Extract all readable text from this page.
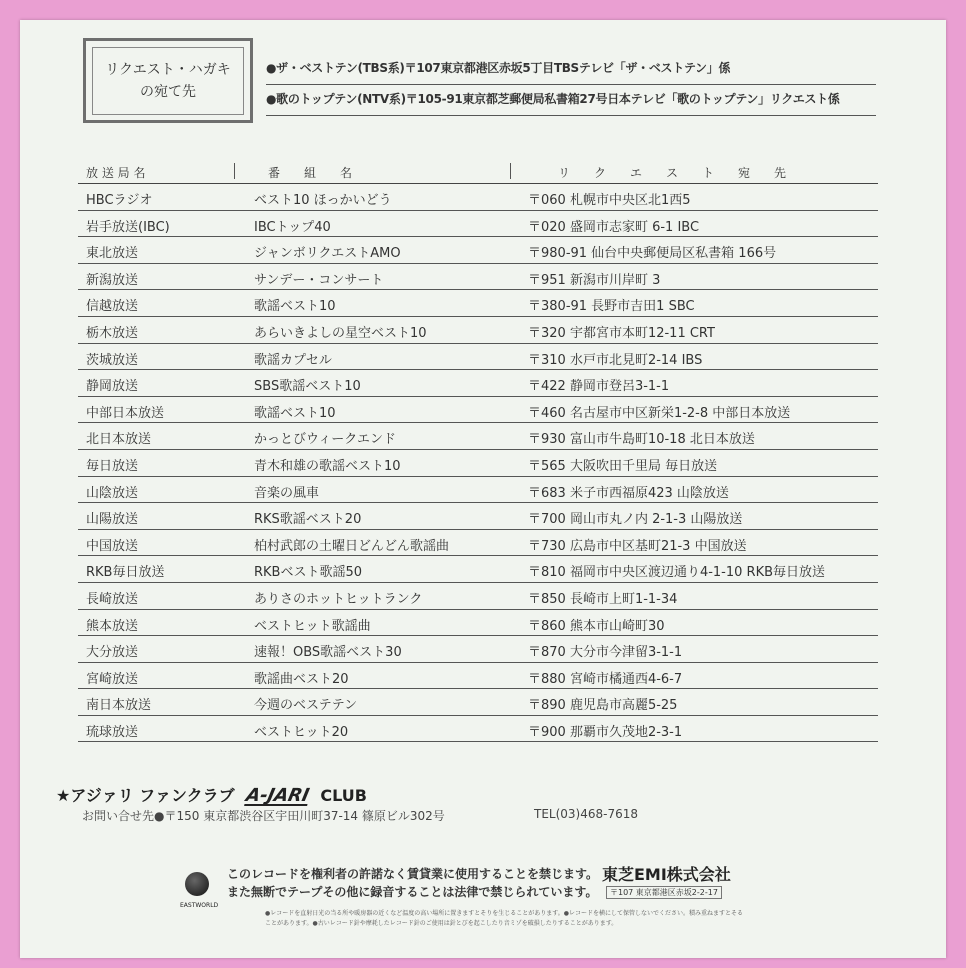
リクエスト・ハガキ
の宛て先
●ザ・ベストテン(TBS系)〒107東京都港区赤坂5丁目TBSテレビ「ザ・ベストテン」係
●歌のトップテン(NTV系)〒105-91東京都芝郵便局私書箱27号日本テレビ「歌のトップテン」リクエスト係
放 送 局 名	番　　組　　名	リ　　ク　　エ　　ス　　ト　　宛　　先
HBCラジオ	ベスト10 ほっかいどう	〒060 札幌市中央区北1西5
岩手放送(IBC)	IBCトップ40	〒020 盛岡市志家町 6-1 IBC
東北放送	ジャンボリクエストAMO	〒980-91 仙台中央郵便局区私書箱 166号
新潟放送	サンデー・コンサート	〒951 新潟市川岸町 3
信越放送	歌謡ベスト10	〒380-91 長野市吉田1 SBC
栃木放送	あらいきよしの星空ベスト10	〒320 宇都宮市本町12-11 CRT
茨城放送	歌謡カプセル	〒310 水戸市北見町2-14 IBS
静岡放送	SBS歌謡ベスト10	〒422 静岡市登呂3-1-1
中部日本放送	歌謡ベスト10	〒460 名古屋市中区新栄1-2-8 中部日本放送
北日本放送	かっとびウィークエンド	〒930 富山市牛島町10-18 北日本放送
毎日放送	青木和雄の歌謡ベスト10	〒565 大阪吹田千里局 毎日放送
山陰放送	音楽の風車	〒683 米子市西福原423 山陰放送
山陽放送	RKS歌謡ベスト20	〒700 岡山市丸ノ内 2-1-3 山陽放送
中国放送	柏村武郎の土曜日どんどん歌謡曲	〒730 広島市中区基町21-3 中国放送
RKB毎日放送	RKBベスト歌謡50	〒810 福岡市中央区渡辺通り4-1-10 RKB毎日放送
長崎放送	ありさのホットヒットランク	〒850 長崎市上町1-1-34
熊本放送	ベストヒット歌謡曲	〒860 熊本市山崎町30
大分放送	速報！OBS歌謡ベスト30	〒870 大分市今津留3-1-1
宮崎放送	歌謡曲ベスト20	〒880 宮崎市橘通西4-6-7
南日本放送	今週のベステテン	〒890 鹿児島市高麗5-25
琉球放送	ベストヒット20	〒900 那覇市久茂地2-3-1
★アジァリ ファンクラブ A-JARI CLUB
お問い合せ先●〒150 東京都渋谷区宇田川町37-14 篠原ビル302号	TEL(03)468-7618
EASTWORLD
このレコードを権利者の許諾なく賃貸業に使用することを禁じます。
また無断でテープその他に録音することは法律で禁じられています。
東芝EMI株式会社
〒107 東京都港区赤坂2-2-17
●レコードを直射日光の当る所や暖房器の近くなど温度の高い場所に置きますとそりを生じることがあります。●レコードを横にして保管しないでください。積み重ねますとそることがあります。●古いレコード針や摩耗したレコード針のご使用は針とびを起こしたり音ミゾを破損したりすることがあります。
